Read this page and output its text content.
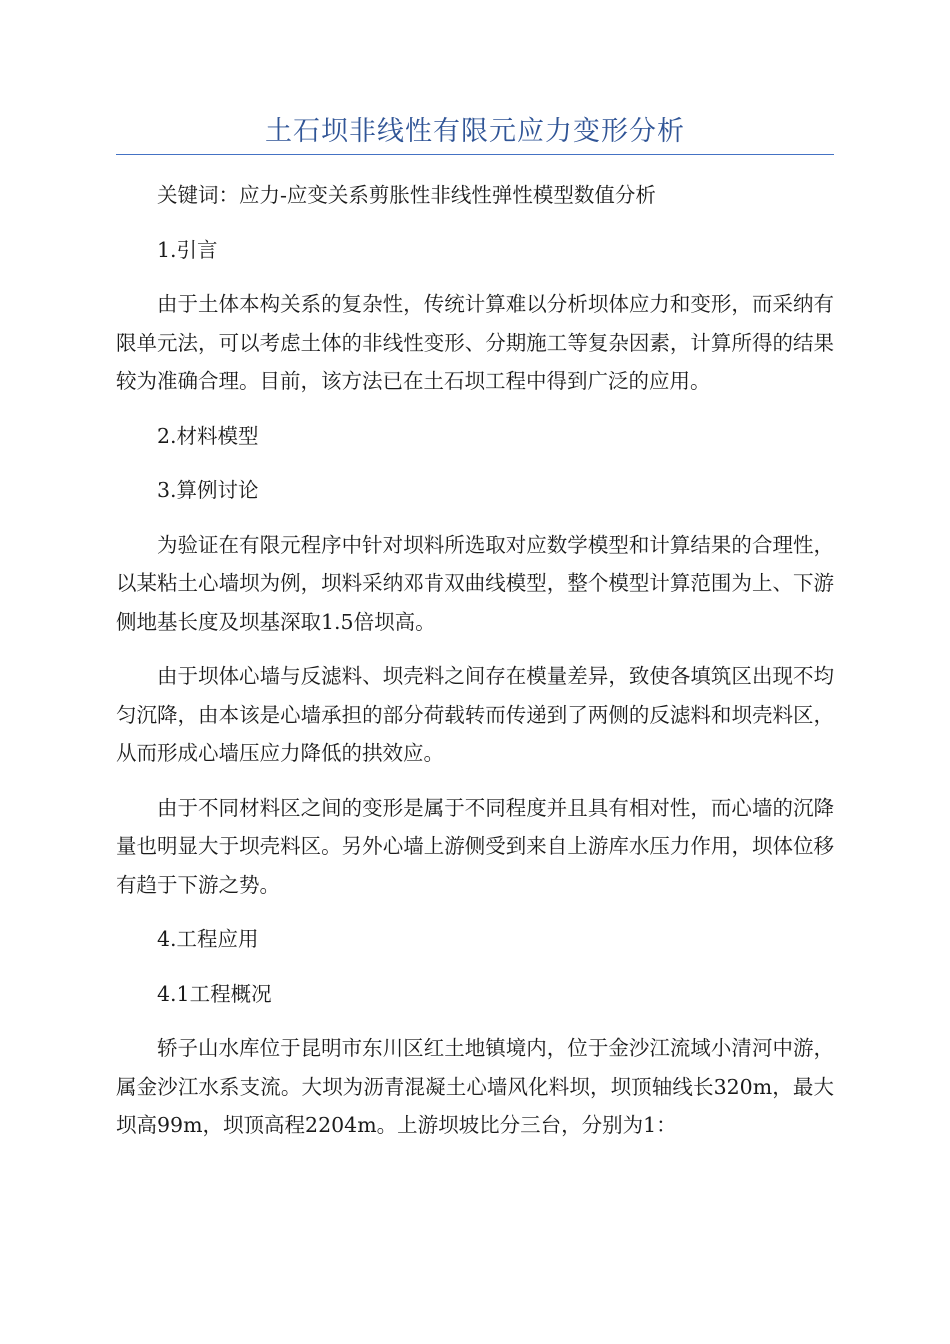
土石坝非线性有限元应力变形分析

关键词：应力-应变关系剪胀性非线性弹性模型数值分析

1.引言

由于土体本构关系的复杂性，传统计算难以分析坝体应力和变形，而采纳有限单元法，可以考虑土体的非线性变形、分期施工等复杂因素，计算所得的结果较为准确合理。目前，该方法已在土石坝工程中得到广泛的应用。

2.材料模型

3.算例讨论

为验证在有限元程序中针对坝料所选取对应数学模型和计算结果的合理性，以某粘土心墙坝为例，坝料采纳邓肯双曲线模型，整个模型计算范围为上、下游侧地基长度及坝基深取1.5倍坝高。

由于坝体心墙与反滤料、坝壳料之间存在模量差异，致使各填筑区出现不均匀沉降，由本该是心墙承担的部分荷载转而传递到了两侧的反滤料和坝壳料区，从而形成心墙压应力降低的拱效应。

由于不同材料区之间的变形是属于不同程度并且具有相对性，而心墙的沉降量也明显大于坝壳料区。另外心墙上游侧受到来自上游库水压力作用，坝体位移有趋于下游之势。

4.工程应用

4.1工程概况

轿子山水库位于昆明市东川区红土地镇境内，位于金沙江流域小清河中游，属金沙江水系支流。大坝为沥青混凝土心墙风化料坝，坝顶轴线长320m，最大坝高99m，坝顶高程2204m。上游坝坡比分三台，分别为1：
